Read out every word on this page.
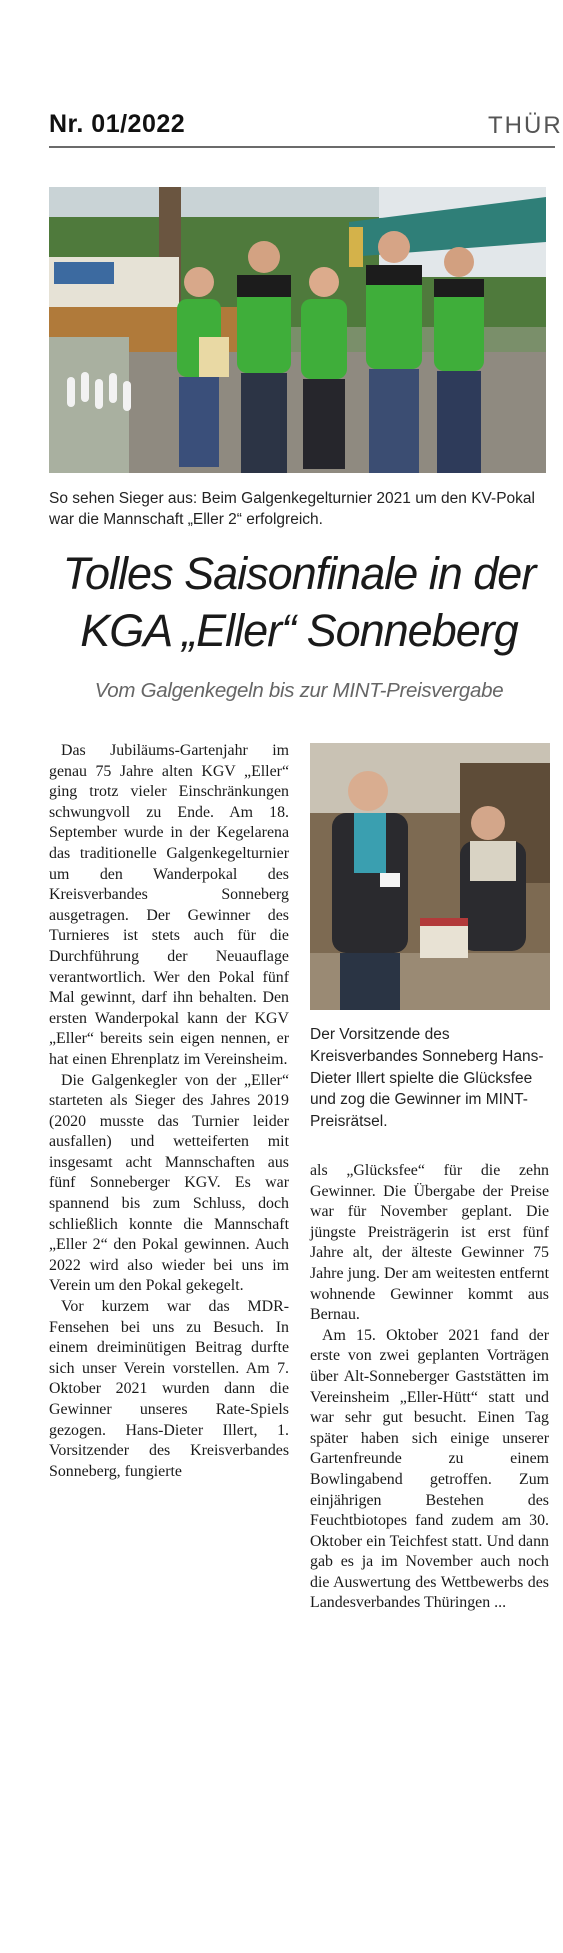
Nr. 01/2022	THÜR
So sehen Sieger aus: Beim Galgenkegelturnier 2021 um den KV-Pokal war die Mannschaft „Eller 2“ erfolgreich.
Tolles Saisonfinale in der
KGA „Eller“ Sonneberg
Vom Galgenkegeln bis zur MINT-Preisvergabe

Das Jubiläums-Gartenjahr im genau 75 Jahre alten KGV „Eller“ ging trotz vieler Einschränkungen schwungvoll zu Ende. Am 18. September wurde in der Kegelarena das traditionelle Galgenkegelturnier um den Wanderpokal des Kreisverbandes Sonneberg ausgetragen. Der Gewinner des Turnieres ist stets auch für die Durchführung der Neuauflage verantwortlich. Wer den Pokal fünf Mal gewinnt, darf ihn behalten. Den ersten Wanderpokal kann der KGV „Eller“ bereits sein eigen nennen, er hat einen Ehrenplatz im Vereinsheim.

Die Galgenkegler von der „Eller“ starteten als Sieger des Jahres 2019 (2020 musste das Turnier leider ausfallen) und wetteiferten mit insgesamt acht Mannschaften aus fünf Sonneberger KGV. Es war spannend bis zum Schluss, doch schließlich konnte die Mannschaft „Eller 2“ den Pokal gewinnen. Auch 2022 wird also wieder bei uns im Verein um den Pokal gekegelt.

Vor kurzem war das MDR-Fensehen bei uns zu Besuch. In einem dreiminütigen Beitrag durfte sich unser Verein vorstellen. Am 7. Oktober 2021 wurden dann die Gewinner unseres Rate-Spiels gezogen. Hans-Dieter Illert, 1. Vorsitzender des Kreisverbandes Sonneberg, fungierte

Der Vorsitzende des Kreisverbandes Sonneberg Hans-Dieter Illert spielte die Glücksfee und zog die Gewinner im MINT-Preisrätsel.

als „Glücksfee“ für die zehn Gewinner. Die Übergabe der Preise war für November geplant. Die jüngste Preisträgerin ist erst fünf Jahre alt, der älteste Gewinner 75 Jahre jung. Der am weitesten entfernt wohnende Gewinner kommt aus Bernau.

Am 15. Oktober 2021 fand der erste von zwei geplanten Vorträgen über Alt-Sonneberger Gaststätten im Vereinsheim „Eller-Hütt“ statt und war sehr gut besucht. Einen Tag später haben sich einige unserer Gartenfreunde zu einem Bowlingabend getroffen. Zum einjährigen Bestehen des Feuchtbiotopes fand zudem am 30. Oktober ein Teichfest statt. Und dann gab es ja im November auch noch die Auswertung des Wettbewerbs des Landesverbandes Thüringen ...
